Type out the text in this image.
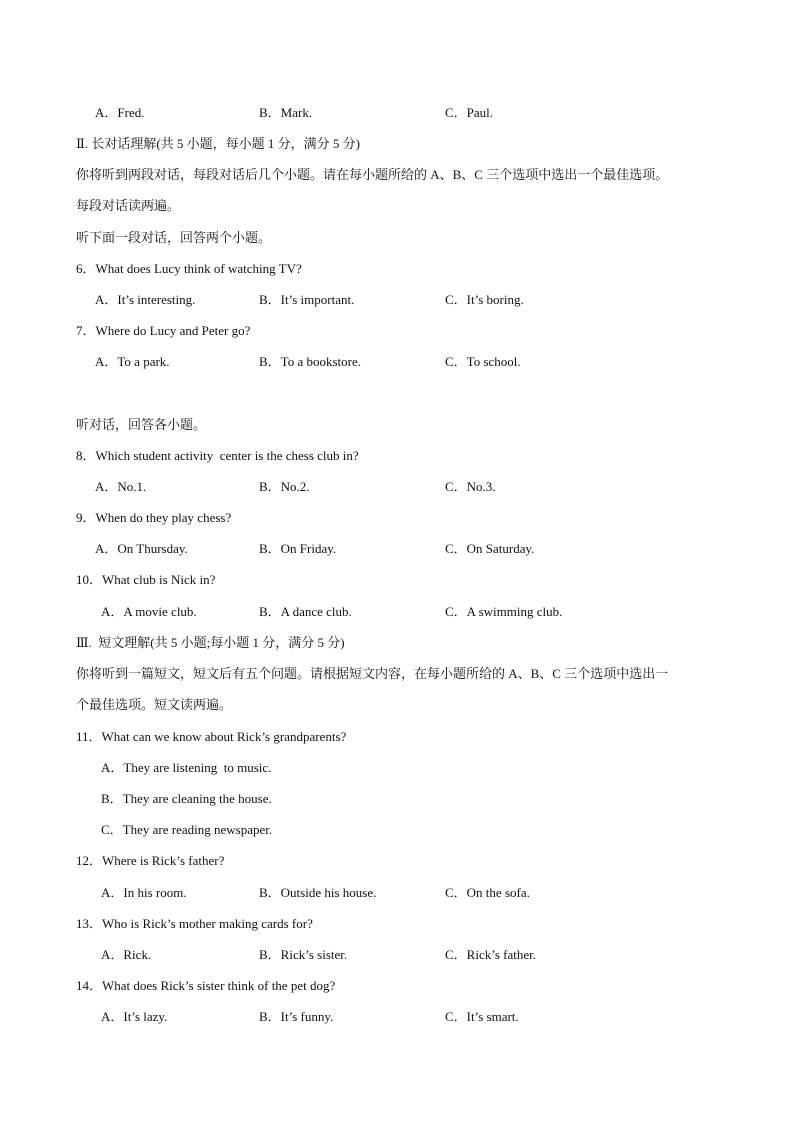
A．Fred.	B．Mark.	C．Paul.
Ⅱ. 长对话理解(共 5 小题，每小题 1 分，满分 5 分)
你将听到两段对话，每段对话后几个小题。请在每小题所给的 A、B、C 三个选项中选出一个最佳选项。
每段对话读两遍。
听下面一段对话，回答两个小题。
6．What does Lucy think of watching TV?
A．It’s interesting.	B．It’s important.	C．It’s boring.
7．Where do Lucy and Peter go?
A．To a park.	B．To a bookstore.	C．To school.
听对话，回答各小题。
8．Which student activity  center is the chess club in?
A．No.1.	B．No.2.	C．No.3.
9．When do they play chess?
A．On Thursday.	B．On Friday.	C．On Saturday.
10．What club is Nick in?
A．A movie club.	B．A dance club.	C．A swimming club.
Ⅲ.  短文理解(共 5 小题;每小题 1 分，满分 5 分)
你将听到一篇短文，短文后有五个问题。请根据短文内容，在每小题所给的 A、B、C 三个选项中选出一
个最佳选项。短文读两遍。
11．What can we know about Rick’s grandparents?
A．They are listening  to music.
B．They are cleaning the house.
C．They are reading newspaper.
12．Where is Rick’s father?
A．In his room.	B．Outside his house.	C．On the sofa.
13．Who is Rick’s mother making cards for?
A．Rick.	B．Rick’s sister.	C．Rick’s father.
14．What does Rick’s sister think of the pet dog?
A．It’s lazy.	B．It’s funny.	C．It’s smart.
